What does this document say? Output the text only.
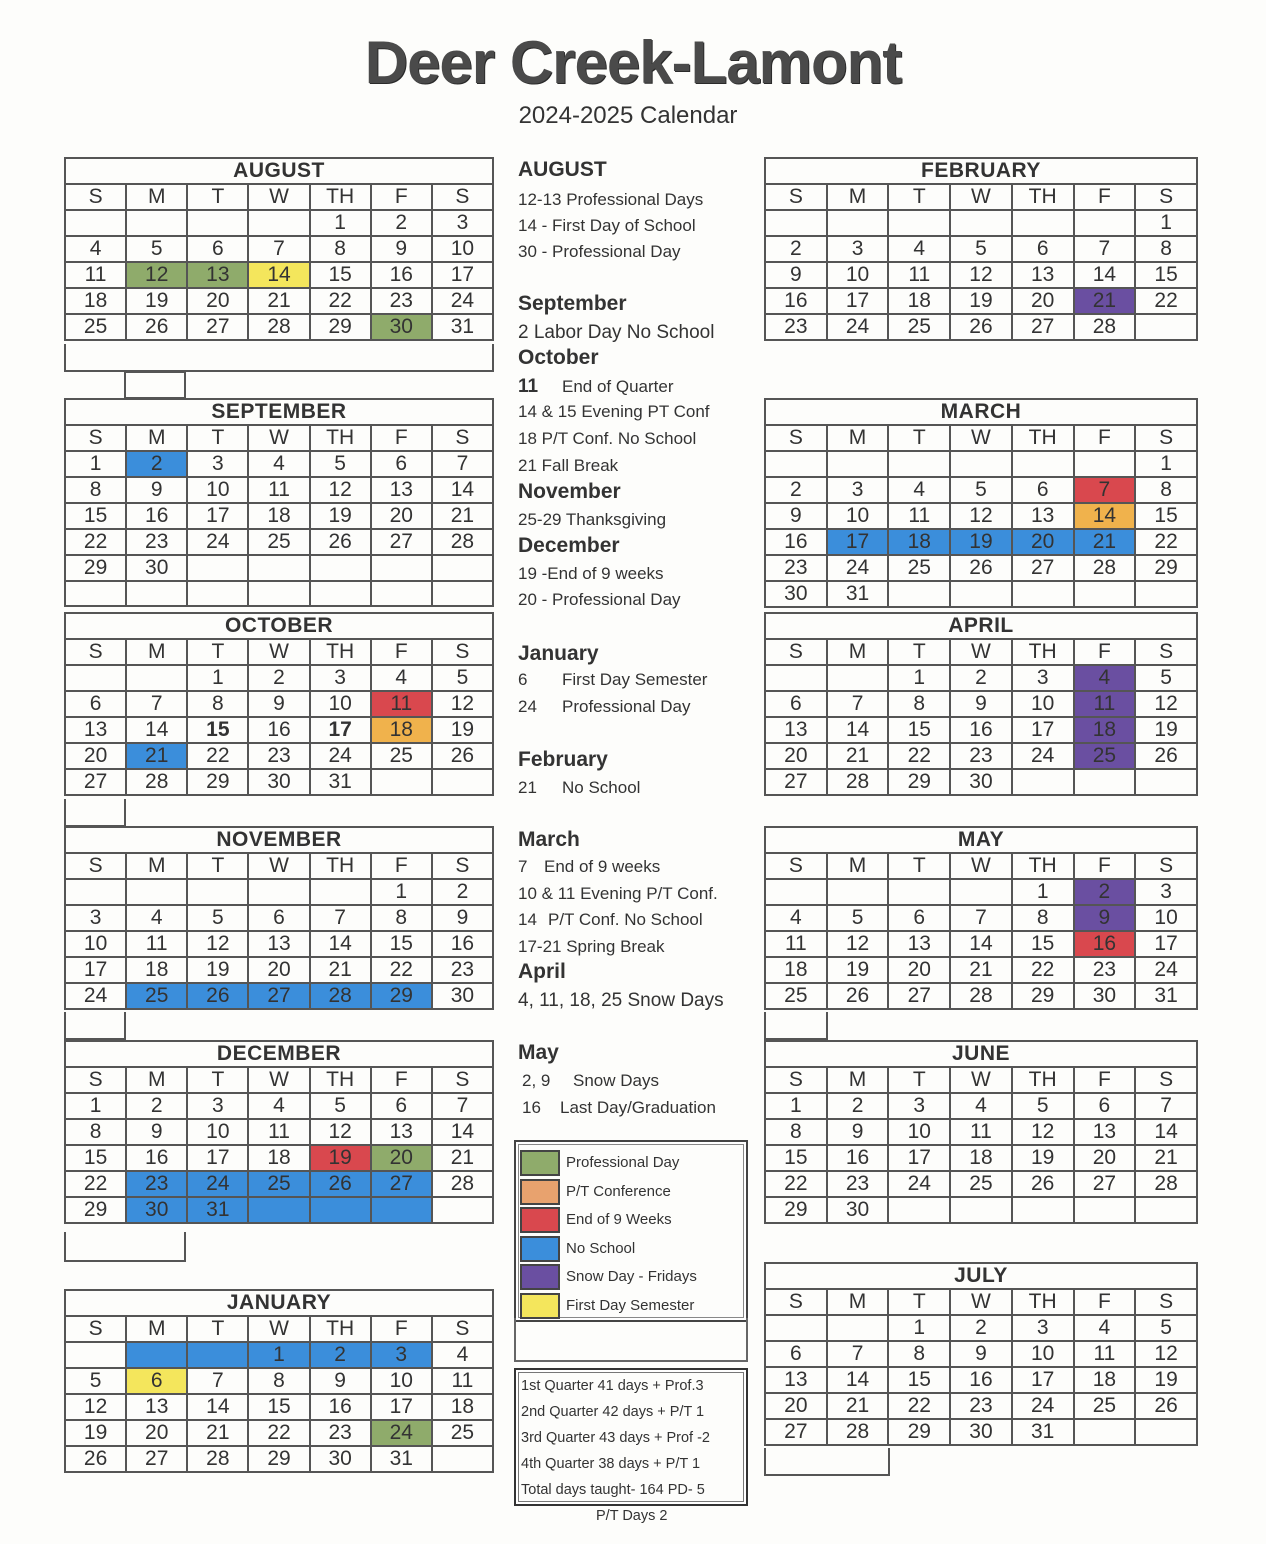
Deer Creek-Lamont
2024-2025 Calendar
AUGUST						
S	M	T	W	TH	F	S
				1	2	3
4	5	6	7	8	9	10
11	12	13	14	15	16	17
18	19	20	21	22	23	24
25	26	27	28	29	30	31
SEPTEMBER						
S	M	T	W	TH	F	S
1	2	3	4	5	6	7
8	9	10	11	12	13	14
15	16	17	18	19	20	21
22	23	24	25	26	27	28
29	30					

OCTOBER						
S	M	T	W	TH	F	S
		1	2	3	4	5
6	7	8	9	10	11	12
13	14	15	16	17	18	19
20	21	22	23	24	25	26
27	28	29	30	31		
NOVEMBER						
S	M	T	W	TH	F	S
					1	2
3	4	5	6	7	8	9
10	11	12	13	14	15	16
17	18	19	20	21	22	23
24	25	26	27	28	29	30
DECEMBER						
S	M	T	W	TH	F	S
1	2	3	4	5	6	7
8	9	10	11	12	13	14
15	16	17	18	19	20	21
22	23	24	25	26	27	28
29	30	31				
JANUARY						
S	M	T	W	TH	F	S
			1	2	3	4
5	6	7	8	9	10	11
12	13	14	15	16	17	18
19	20	21	22	23	24	25
26	27	28	29	30	31	
FEBRUARY						
S	M	T	W	TH	F	S
						1
2	3	4	5	6	7	8
9	10	11	12	13	14	15
16	17	18	19	20	21	22
23	24	25	26	27	28	
MARCH						
S	M	T	W	TH	F	S
						1
2	3	4	5	6	7	8
9	10	11	12	13	14	15
16	17	18	19	20	21	22
23	24	25	26	27	28	29
30	31					
APRIL						
S	M	T	W	TH	F	S
		1	2	3	4	5
6	7	8	9	10	11	12
13	14	15	16	17	18	19
20	21	22	23	24	25	26
27	28	29	30			
MAY						
S	M	T	W	TH	F	S
				1	2	3
4	5	6	7	8	9	10
11	12	13	14	15	16	17
18	19	20	21	22	23	24
25	26	27	28	29	30	31
JUNE						
S	M	T	W	TH	F	S
1	2	3	4	5	6	7
8	9	10	11	12	13	14
15	16	17	18	19	20	21
22	23	24	25	26	27	28
29	30					
JULY						
S	M	T	W	TH	F	S
		1	2	3	4	5
6	7	8	9	10	11	12
13	14	15	16	17	18	19
20	21	22	23	24	25	26
27	28	29	30	31		
AUGUST
12-13 Professional Days
14 - First Day of School
30 - Professional Day
September
2 Labor Day No School
October
11 End of Quarter
14 & 15 Evening PT Conf
18 P/T Conf. No School
21 Fall Break
November
25-29 Thanksgiving
December
19 -End of 9 weeks
20 - Professional Day
January
6 First Day Semester
24 Professional Day
February
21 No School
March
7 End of 9 weeks
10 & 11 Evening P/T Conf.
14 P/T Conf. No School
17-21 Spring Break
April
4, 11, 18, 25 Snow Days
May
2, 9 Snow Days
16 Last Day/Graduation
Professional Day
P/T Conference
End of 9 Weeks
No School
Snow Day - Fridays
First Day Semester
1st Quarter 41 days + Prof.3
2nd Quarter 42 days + P/T 1
3rd Quarter 43 days + Prof -2
4th Quarter 38 days + P/T 1
Total days taught- 164 PD- 5
P/T Days 2
